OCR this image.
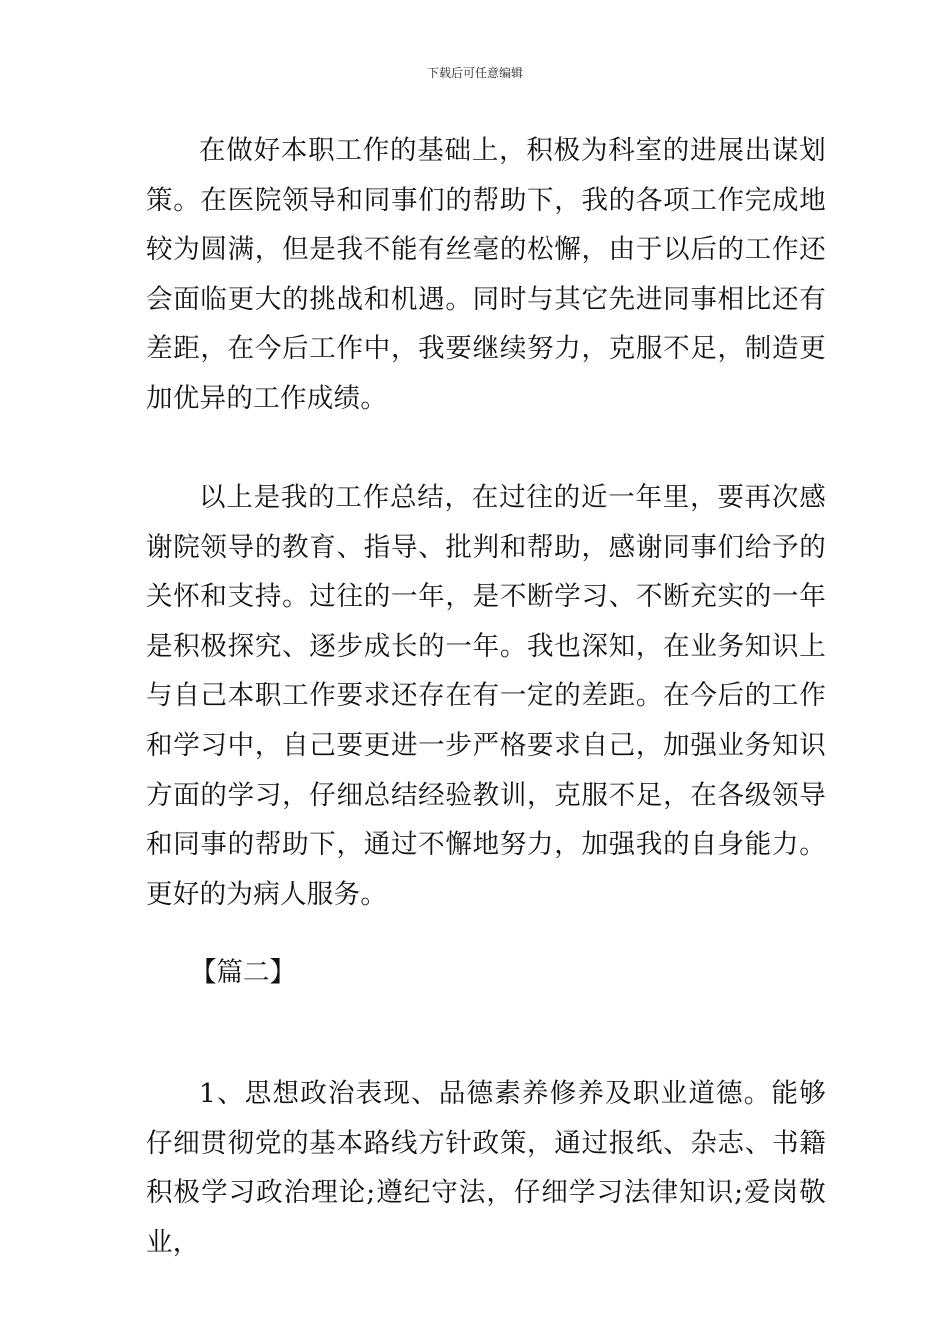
下载后可任意编辑

在做好本职工作的基础上，积极为科室的进展出谋划策。在医院领导和同事们的帮助下，我的各项工作完成地较为圆满，但是我不能有丝毫的松懈，由于以后的工作还会面临更大的挑战和机遇。同时与其它先进同事相比还有差距，在今后工作中，我要继续努力，克服不足，制造更加优异的工作成绩。

以上是我的工作总结，在过往的近一年里，要再次感谢院领导的教育、指导、批判和帮助，感谢同事们给予的关怀和支持。过往的一年，是不断学习、不断充实的一年是积极探究、逐步成长的一年。我也深知，在业务知识上与自己本职工作要求还存在有一定的差距。在今后的工作和学习中，自己要更进一步严格要求自己，加强业务知识方面的学习，仔细总结经验教训，克服不足，在各级领导和同事的帮助下，通过不懈地努力，加强我的自身能力。更好的为病人服务。

【篇二】

1、思想政治表现、品德素养修养及职业道德。能够仔细贯彻党的基本路线方针政策，通过报纸、杂志、书籍积极学习政治理论;遵纪守法，仔细学习法律知识;爱岗敬业，
